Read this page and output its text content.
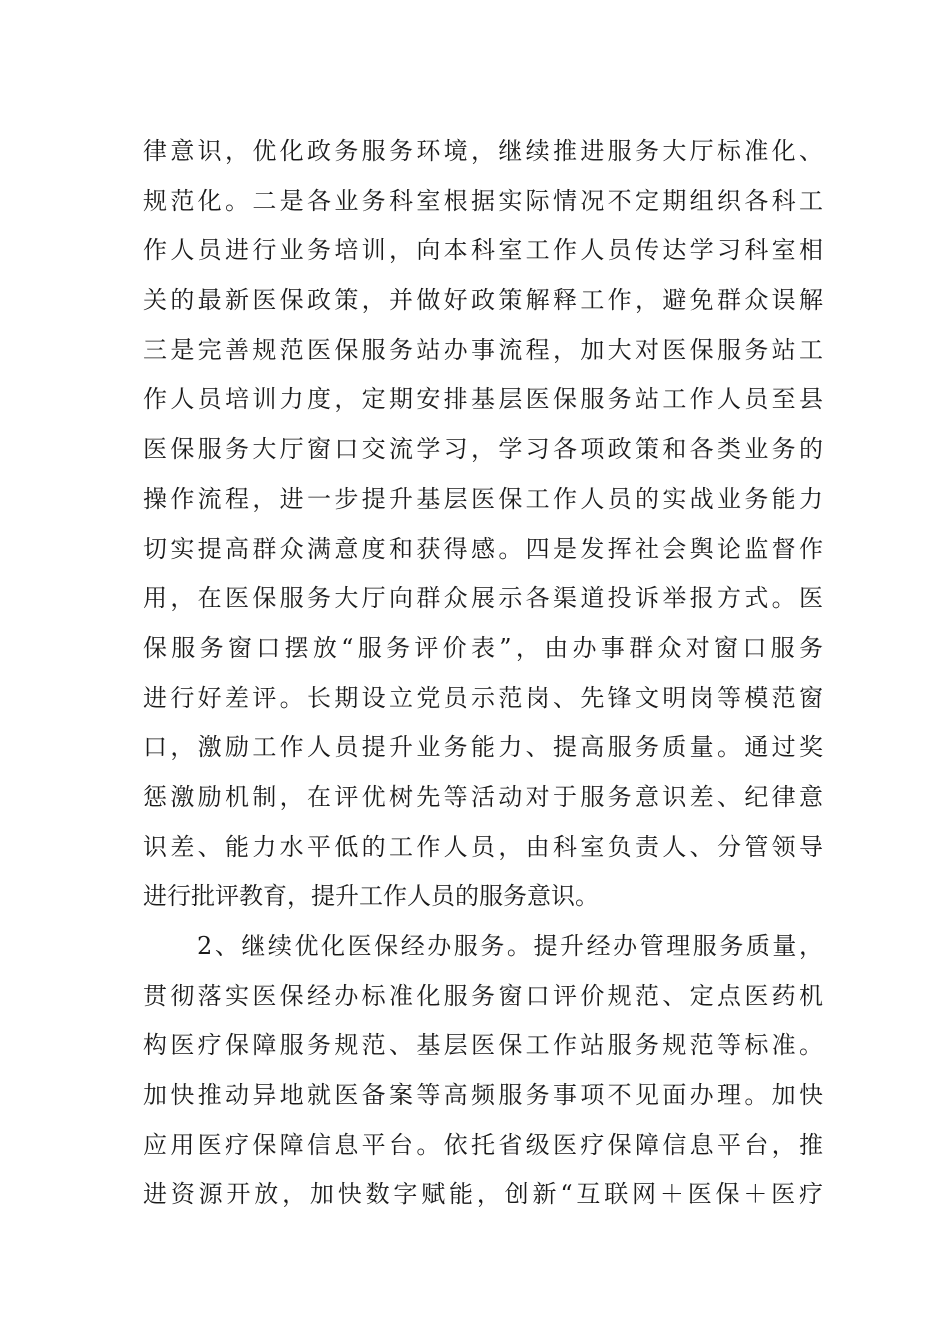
律意识，优化政务服务环境，继续推进服务大厅标准化、
规范化。二是各业务科室根据实际情况不定期组织各科工
作人员进行业务培训，向本科室工作人员传达学习科室相
关的最新医保政策，并做好政策解释工作，避免群众误解
三是完善规范医保服务站办事流程，加大对医保服务站工
作人员培训力度，定期安排基层医保服务站工作人员至县
医保服务大厅窗口交流学习，学习各项政策和各类业务的
操作流程，进一步提升基层医保工作人员的实战业务能力
切实提高群众满意度和获得感。四是发挥社会舆论监督作
用，在医保服务大厅向群众展示各渠道投诉举报方式。医
保服务窗口摆放“服务评价表”，由办事群众对窗口服务
进行好差评。长期设立党员示范岗、先锋文明岗等模范窗
口，激励工作人员提升业务能力、提高服务质量。通过奖
惩激励机制，在评优树先等活动对于服务意识差、纪律意
识差、能力水平低的工作人员，由科室负责人、分管领导
进行批评教育，提升工作人员的服务意识。
2、继续优化医保经办服务。提升经办管理服务质量，
贯彻落实医保经办标准化服务窗口评价规范、定点医药机
构医疗保障服务规范、基层医保工作站服务规范等标准。
加快推动异地就医备案等高频服务事项不见面办理。加快
应用医疗保障信息平台。依托省级医疗保障信息平台，推
进资源开放，加快数字赋能，创新“互联网＋医保＋医疗
